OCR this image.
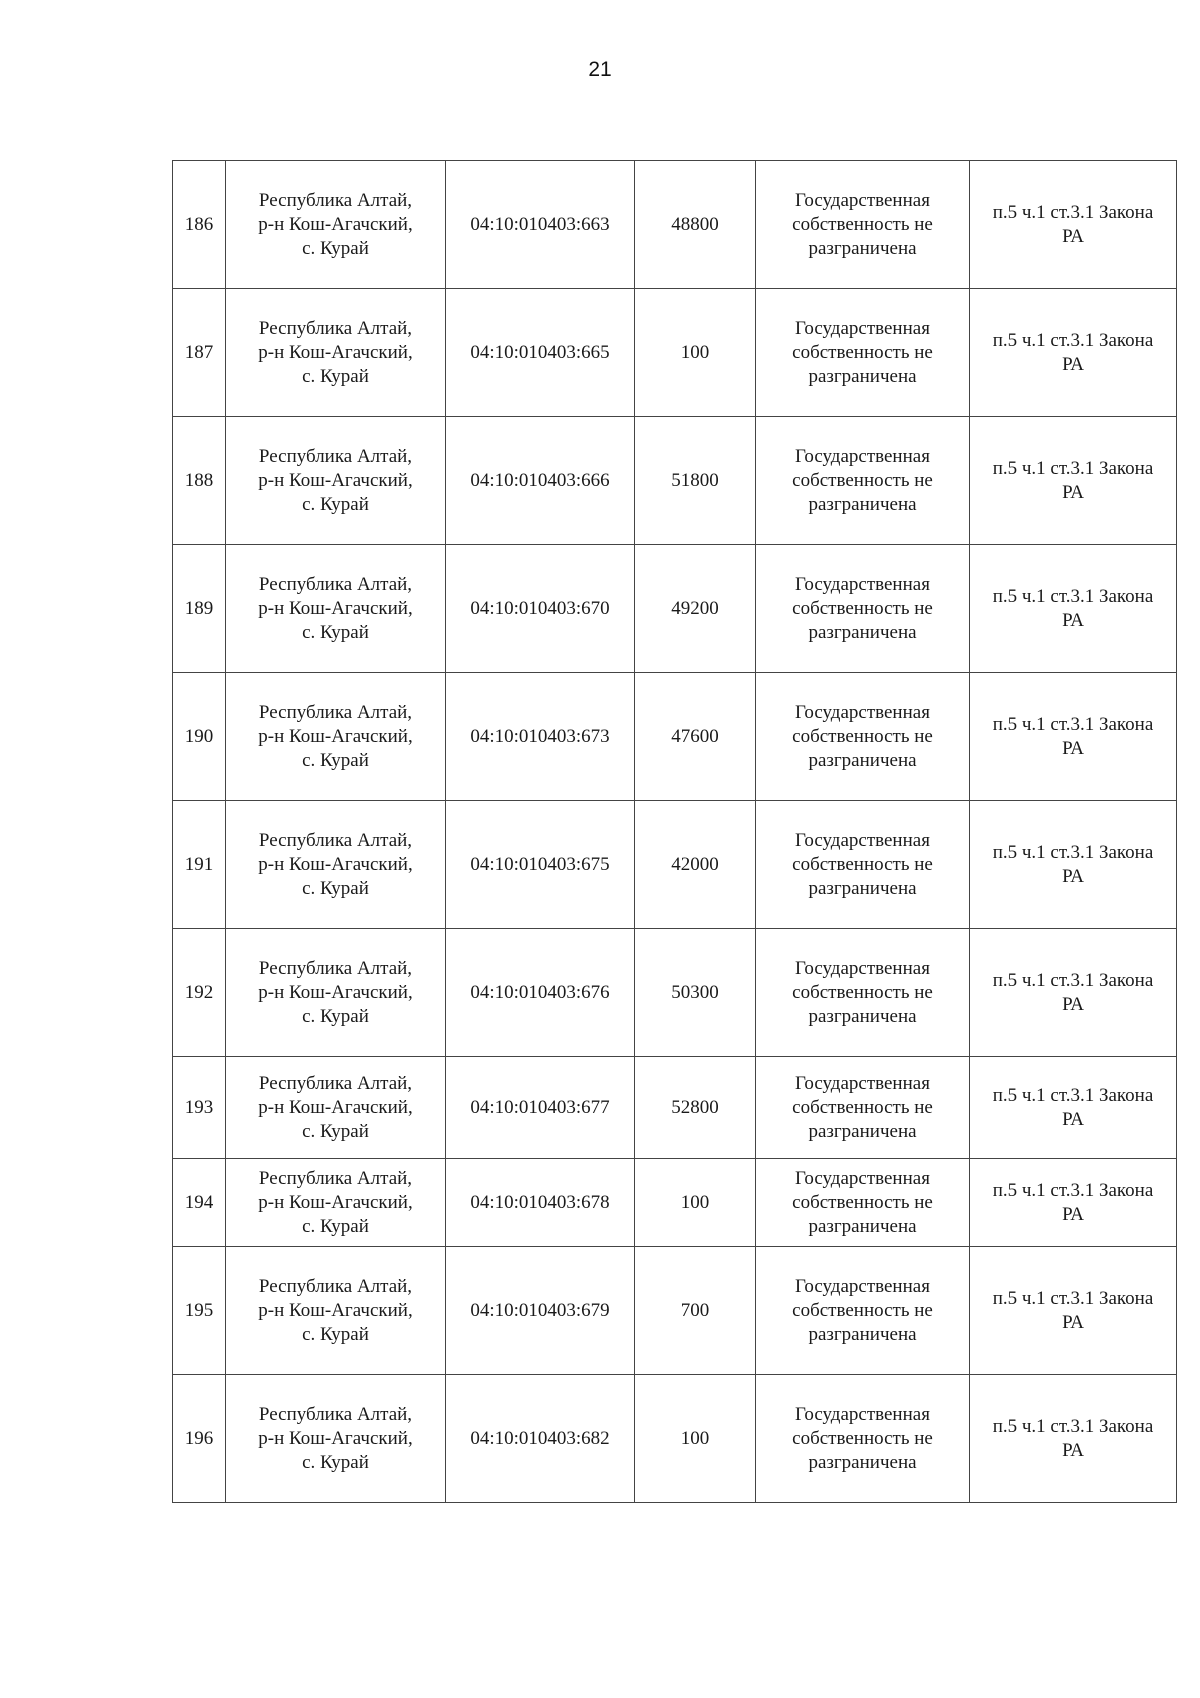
21
186	Республика Алтай,
р-н Кош-Агачский,
с. Курай	04:10:010403:663	48800	Государственная
собственность не
разграничена	п.5 ч.1 ст.3.1 Закона
РА

187	Республика Алтай,
р-н Кош-Агачский,
с. Курай	04:10:010403:665	100	Государственная
собственность не
разграничена	п.5 ч.1 ст.3.1 Закона
РА

188	Республика Алтай,
р-н Кош-Агачский,
с. Курай	04:10:010403:666	51800	Государственная
собственность не
разграничена	п.5 ч.1 ст.3.1 Закона
РА

189	Республика Алтай,
р-н Кош-Агачский,
с. Курай	04:10:010403:670	49200	Государственная
собственность не
разграничена	п.5 ч.1 ст.3.1 Закона
РА

190	Республика Алтай,
р-н Кош-Агачский,
с. Курай	04:10:010403:673	47600	Государственная
собственность не
разграничена	п.5 ч.1 ст.3.1 Закона
РА

191	Республика Алтай,
р-н Кош-Агачский,
с. Курай	04:10:010403:675	42000	Государственная
собственность не
разграничена	п.5 ч.1 ст.3.1 Закона
РА

192	Республика Алтай,
р-н Кош-Агачский,
с. Курай	04:10:010403:676	50300	Государственная
собственность не
разграничена	п.5 ч.1 ст.3.1 Закона
РА

193	Республика Алтай,
р-н Кош-Агачский,
с. Курай	04:10:010403:677	52800	Государственная
собственность не
разграничена	п.5 ч.1 ст.3.1 Закона
РА

194	Республика Алтай,
р-н Кош-Агачский,
с. Курай	04:10:010403:678	100	Государственная
собственность не
разграничена	п.5 ч.1 ст.3.1 Закона
РА

195	Республика Алтай,
р-н Кош-Агачский,
с. Курай	04:10:010403:679	700	Государственная
собственность не
разграничена	п.5 ч.1 ст.3.1 Закона
РА

196	Республика Алтай,
р-н Кош-Агачский,
с. Курай	04:10:010403:682	100	Государственная
собственность не
разграничена	п.5 ч.1 ст.3.1 Закона
РА
